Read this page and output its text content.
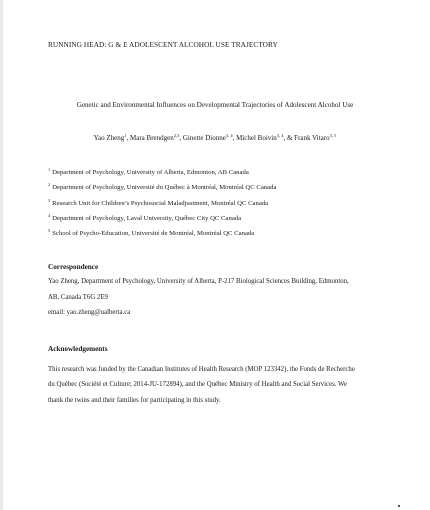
RUNNING HEAD: G & E ADOLESCENT ALCOHOL USE TRAJECTORY
Genetic and Environmental Influences on Developmental Trajectories of Adolescent Alcohol Use
Yao Zheng$^1$, Mara Brendgen$^{2,3}$, Ginette Dionne$^{3, 4}$, Michel Boivin$^{3, 4}$, & Frank Vitaro$^{3, 5}$
$^1$ Department of Psychology, University of Alberta, Edmonton, AB Canada
$^2$ Department of Psychology, Université du Québec à Montréal, Montréal QC Canada
$^3$ Research Unit for Children’s Psychosocial Maladjustment, Montréal QC Canada
$^4$ Department of Psychology, Laval University, Québec City QC Canada
$^5$ School of Psycho-Education, Université de Montréal, Montréal QC Canada
Correspondence
Yao Zheng, Department of Psychology, University of Alberta, P-217 Biological Sciences Building, Edmonton,
AB, Canada T6G 2E9
email: yao.zheng@ualberta.ca
Acknowledgements
This research was funded by the Canadian Institutes of Health Research (MOP 123342), the Fonds de Recherche
du Québec (Société et Culture; 2014-JU-172894), and the Québec Ministry of Health and Social Services. We
thank the twins and their families for participating in this study.
